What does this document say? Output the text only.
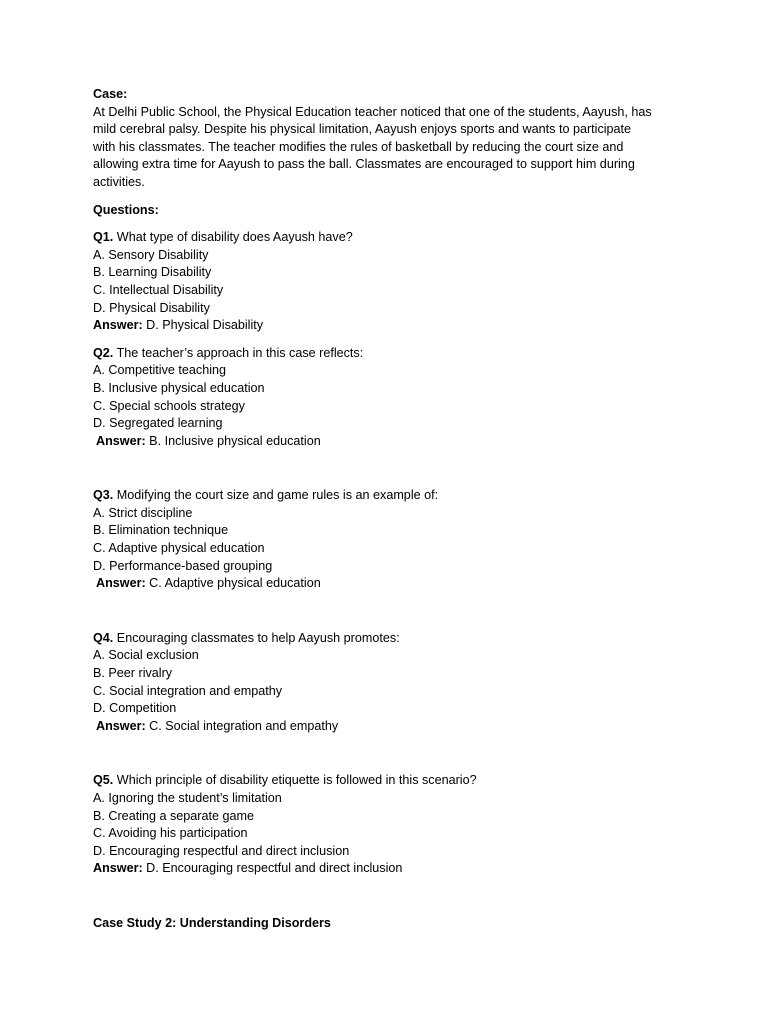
Case:
At Delhi Public School, the Physical Education teacher noticed that one of the students, Aayush, has
mild cerebral palsy. Despite his physical limitation, Aayush enjoys sports and wants to participate
with his classmates. The teacher modifies the rules of basketball by reducing the court size and
allowing extra time for Aayush to pass the ball. Classmates are encouraged to support him during
activities.
Questions:
Q1. What type of disability does Aayush have?
A. Sensory Disability
B. Learning Disability
C. Intellectual Disability
D. Physical Disability
Answer: D. Physical Disability
Q2. The teacher’s approach in this case reflects:
A. Competitive teaching
B. Inclusive physical education
C. Special schools strategy
D. Segregated learning
Answer: B. Inclusive physical education
Q3. Modifying the court size and game rules is an example of:
A. Strict discipline
B. Elimination technique
C. Adaptive physical education
D. Performance-based grouping
Answer: C. Adaptive physical education
Q4. Encouraging classmates to help Aayush promotes:
A. Social exclusion
B. Peer rivalry
C. Social integration and empathy
D. Competition
Answer: C. Social integration and empathy
Q5. Which principle of disability etiquette is followed in this scenario?
A. Ignoring the student’s limitation
B. Creating a separate game
C. Avoiding his participation
D. Encouraging respectful and direct inclusion
Answer: D. Encouraging respectful and direct inclusion
Case Study 2: Understanding Disorders
